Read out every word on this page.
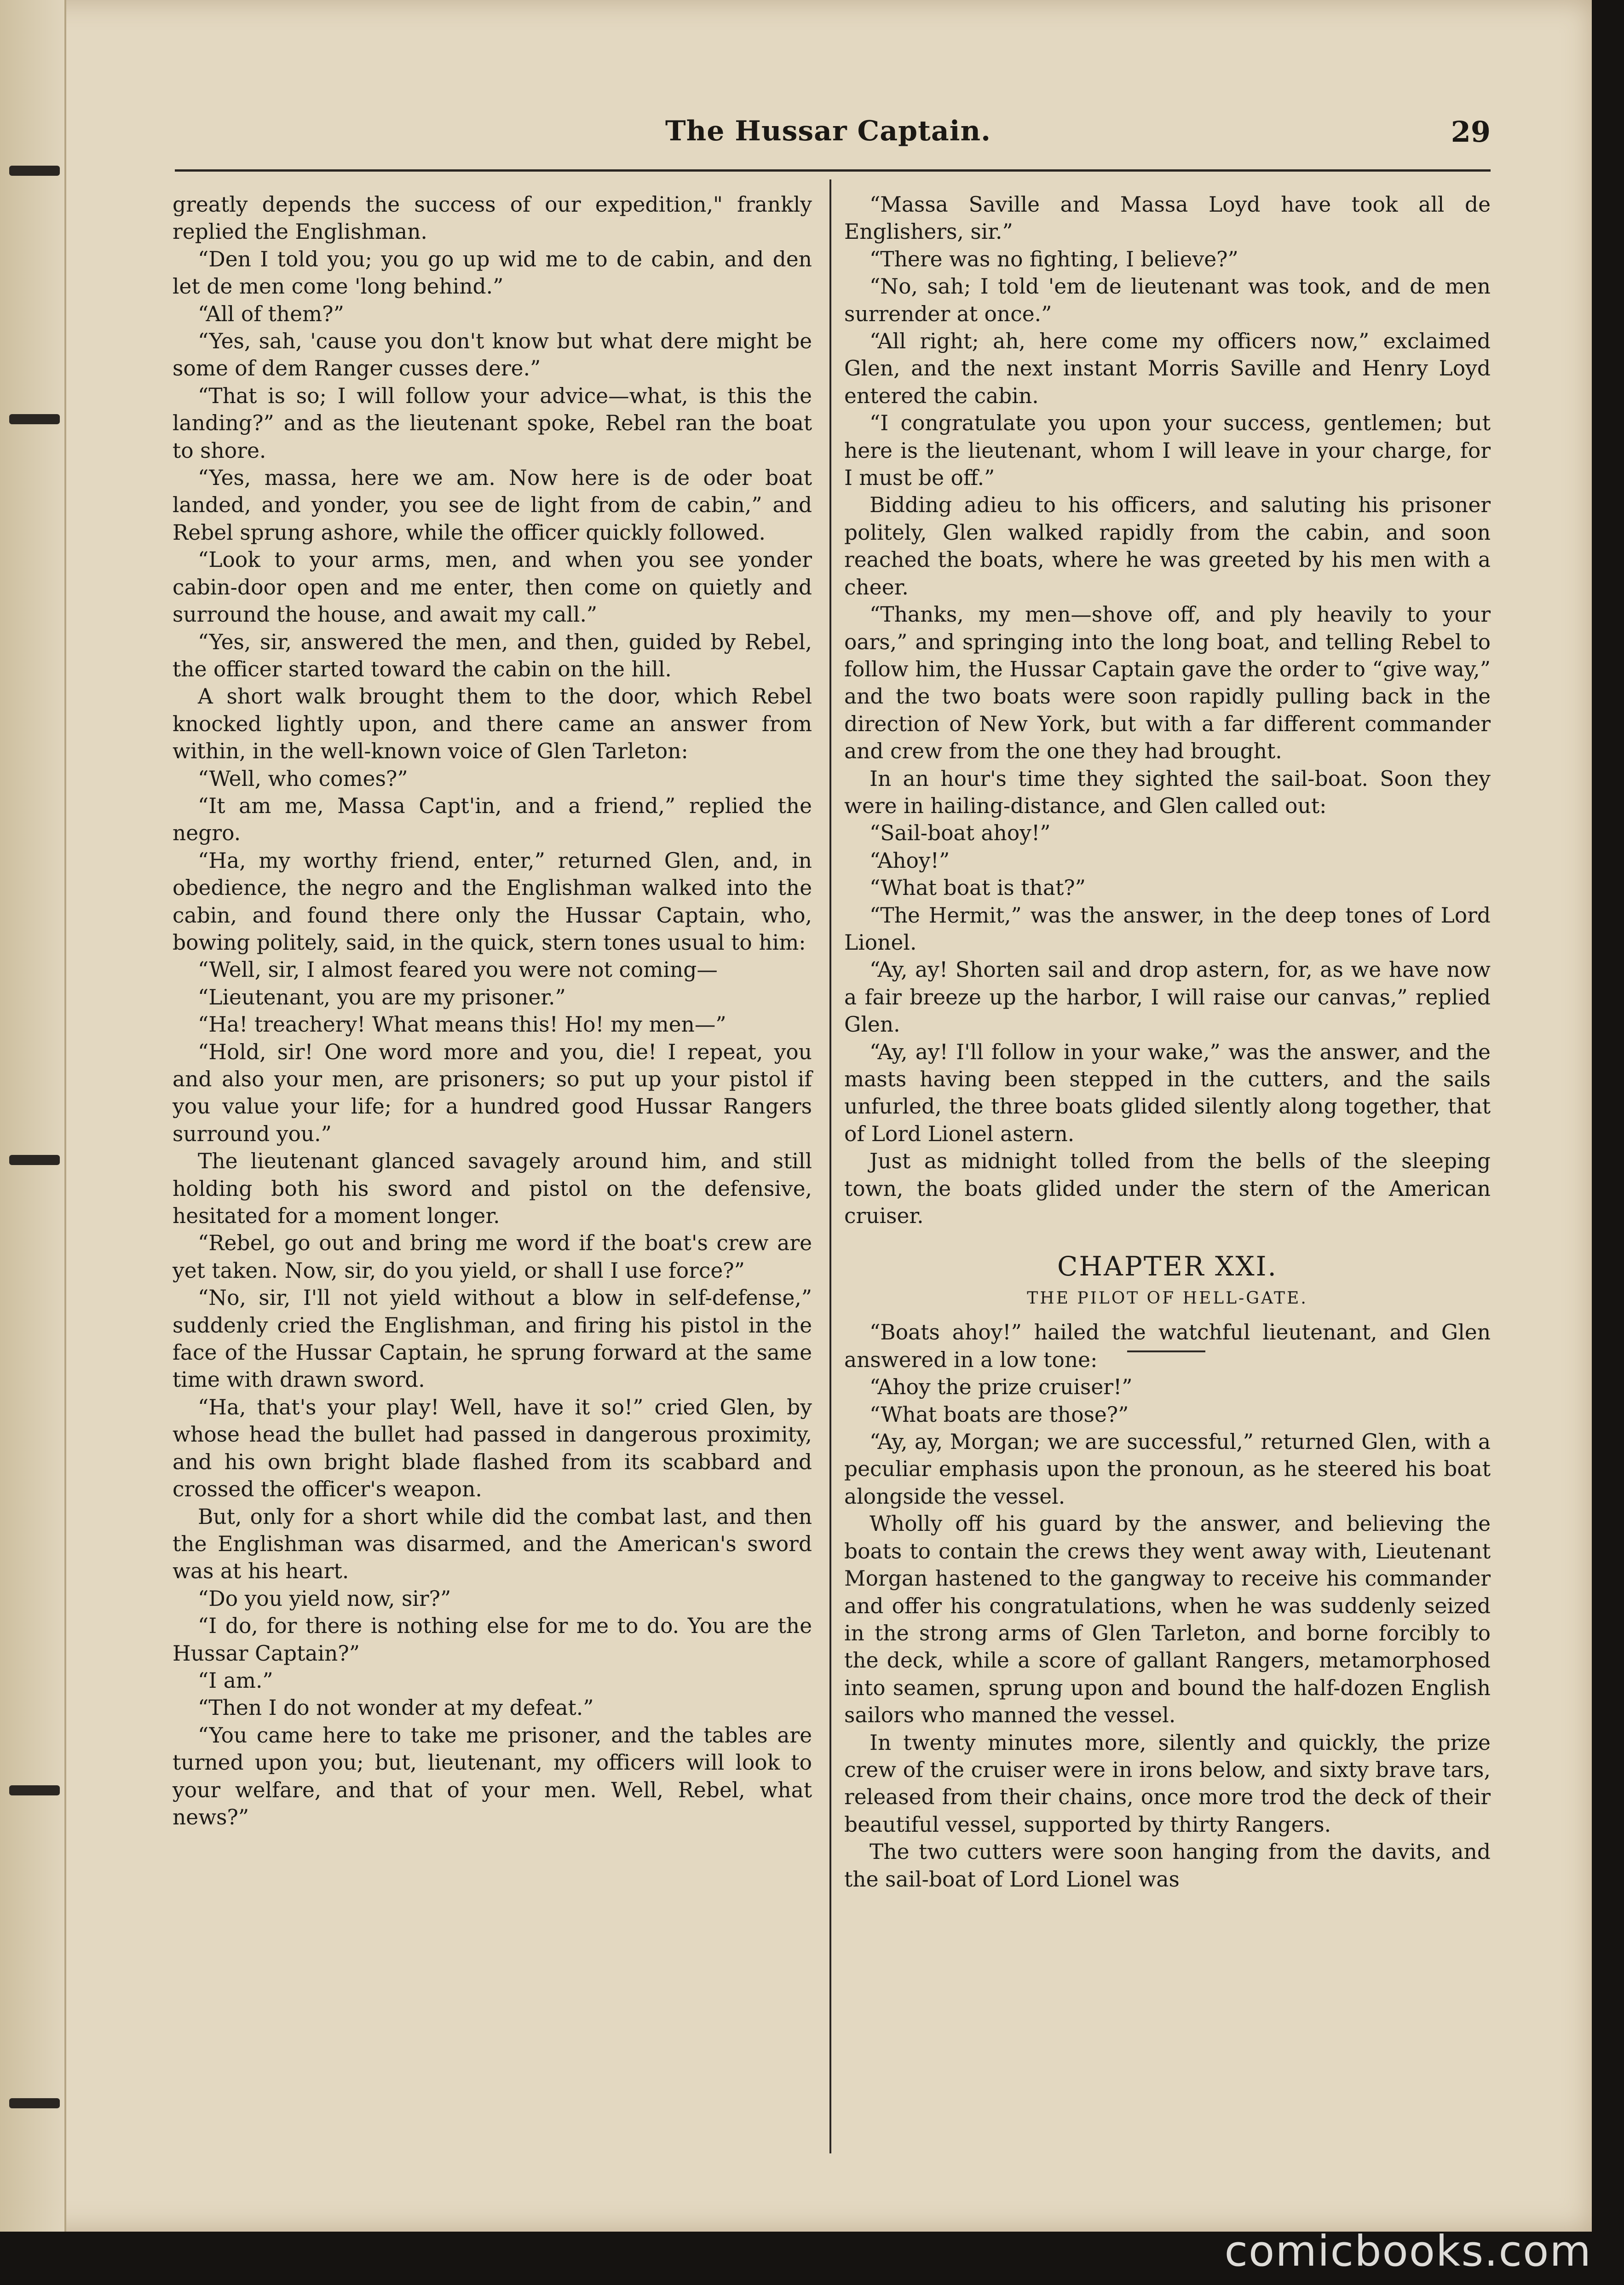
The Hussar Captain.	29

greatly depends the success of our expedition," frankly replied the Englishman.

“Den I told you; you go up wid me to de cabin, and den let de men come 'long behind.”

“All of them?”

“Yes, sah, 'cause you don't know but what dere might be some of dem Ranger cusses dere.”

“That is so; I will follow your advice—what, is this the landing?” and as the lieutenant spoke, Rebel ran the boat to shore.

“Yes, massa, here we am. Now here is de oder boat landed, and yonder, you see de light from de cabin,” and Rebel sprung ashore, while the officer quickly followed.

“Look to your arms, men, and when you see yonder cabin-door open and me enter, then come on quietly and surround the house, and await my call.”

“Yes, sir, answered the men, and then, guided by Rebel, the officer started toward the cabin on the hill.

A short walk brought them to the door, which Rebel knocked lightly upon, and there came an answer from within, in the well-known voice of Glen Tarleton:

“Well, who comes?”

“It am me, Massa Capt'in, and a friend,” replied the negro.

“Ha, my worthy friend, enter,” returned Glen, and, in obedience, the negro and the Englishman walked into the cabin, and found there only the Hussar Captain, who, bowing politely, said, in the quick, stern tones usual to him:

“Well, sir, I almost feared you were not coming—

“Lieutenant, you are my prisoner.”

“Ha! treachery! What means this! Ho! my men—”

“Hold, sir! One word more and you, die! I repeat, you and also your men, are prisoners; so put up your pistol if you value your life; for a hundred good Hussar Rangers surround you.”

The lieutenant glanced savagely around him, and still holding both his sword and pistol on the defensive, hesitated for a moment longer.

“Rebel, go out and bring me word if the boat's crew are yet taken. Now, sir, do you yield, or shall I use force?”

“No, sir, I'll not yield without a blow in self-defense,” suddenly cried the Englishman, and firing his pistol in the face of the Hussar Captain, he sprung forward at the same time with drawn sword.

“Ha, that's your play! Well, have it so!” cried Glen, by whose head the bullet had passed in dangerous proximity, and his own bright blade flashed from its scabbard and crossed the officer's weapon.

But, only for a short while did the combat last, and then the Englishman was disarmed, and the American's sword was at his heart.

“Do you yield now, sir?”

“I do, for there is nothing else for me to do. You are the Hussar Captain?”

“I am.”

“Then I do not wonder at my defeat.”

“You came here to take me prisoner, and the tables are turned upon you; but, lieutenant, my officers will look to your welfare, and that of your men. Well, Rebel, what news?”

“Massa Saville and Massa Loyd have took all de Englishers, sir.”

“There was no fighting, I believe?”

“No, sah; I told 'em de lieutenant was took, and de men surrender at once.”

“All right; ah, here come my officers now,” exclaimed Glen, and the next instant Morris Saville and Henry Loyd entered the cabin.

“I congratulate you upon your success, gentlemen; but here is the lieutenant, whom I will leave in your charge, for I must be off.”

Bidding adieu to his officers, and saluting his prisoner politely, Glen walked rapidly from the cabin, and soon reached the boats, where he was greeted by his men with a cheer.

“Thanks, my men—shove off, and ply heavily to your oars,” and springing into the long boat, and telling Rebel to follow him, the Hussar Captain gave the order to “give way,” and the two boats were soon rapidly pulling back in the direction of New York, but with a far different commander and crew from the one they had brought.

In an hour's time they sighted the sail-boat. Soon they were in hailing-distance, and Glen called out:

“Sail-boat ahoy!”

“Ahoy!”

“What boat is that?”

“The Hermit,” was the answer, in the deep tones of Lord Lionel.

“Ay, ay! Shorten sail and drop astern, for, as we have now a fair breeze up the harbor, I will raise our canvas,” replied Glen.

“Ay, ay! I'll follow in your wake,” was the answer, and the masts having been stepped in the cutters, and the sails unfurled, the three boats glided silently along together, that of Lord Lionel astern.

Just as midnight tolled from the bells of the sleeping town, the boats glided under the stern of the American cruiser.

CHAPTER XXI.
THE PILOT OF HELL-GATE.

“Boats ahoy!” hailed the watchful lieutenant, and Glen answered in a low tone:

“Ahoy the prize cruiser!”

“What boats are those?”

“Ay, ay, Morgan; we are successful,” returned Glen, with a peculiar emphasis upon the pronoun, as he steered his boat alongside the vessel.

Wholly off his guard by the answer, and believing the boats to contain the crews they went away with, Lieutenant Morgan hastened to the gangway to receive his commander and offer his congratulations, when he was suddenly seized in the strong arms of Glen Tarleton, and borne forcibly to the deck, while a score of gallant Rangers, metamorphosed into seamen, sprung upon and bound the half-dozen English sailors who manned the vessel.

In twenty minutes more, silently and quickly, the prize crew of the cruiser were in irons below, and sixty brave tars, released from their chains, once more trod the deck of their beautiful vessel, supported by thirty Rangers.

The two cutters were soon hanging from the davits, and the sail-boat of Lord Lionel was

comicbooks.com
